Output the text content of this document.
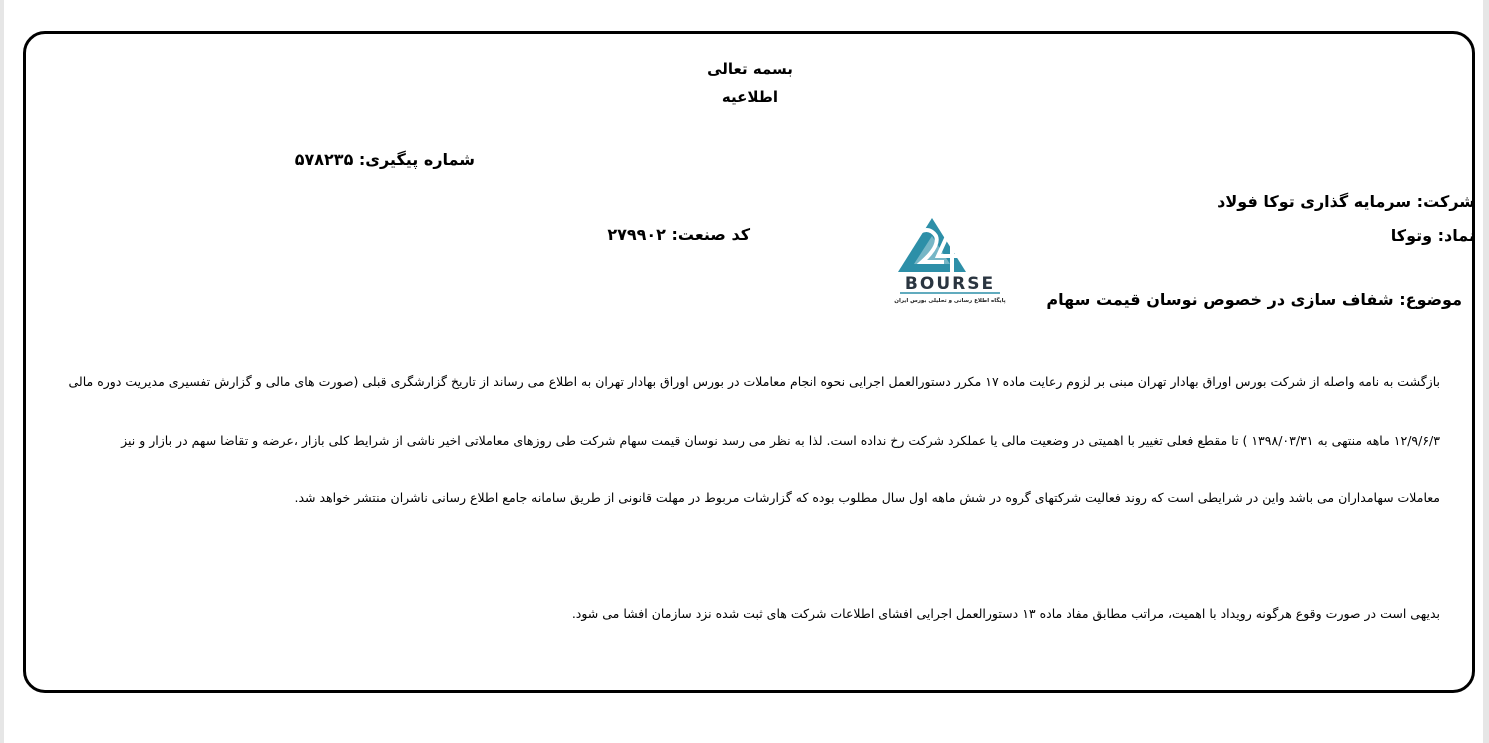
بسمه تعالی
اطلاعیه
شماره پیگیری: ۵۷۸۲۳۵
شرکت: سرمایه گذاری توکا فولاد
نماد: وتوکا
کد صنعت: ۲۷۹۹۰۲
موضوع: شفاف سازی در خصوص نوسان قیمت سهام
BOURSE
پایگاه اطلاع رسانی و تحلیلی بورس ایران
بازگشت به نامه واصله از شرکت بورس اوراق بهادار تهران مبنی بر لزوم رعایت ماده ۱۷ مکرر دستورالعمل اجرایی نحوه انجام معاملات در بورس اوراق بهادار تهران به اطلاع می رساند از تاریخ گزارشگری قبلی (صورت های مالی و گزارش تفسیری مدیریت دوره مالی
۱۲/۹/۶/۳ ماهه منتهی به ۱۳۹۸/۰۳/۳۱ ) تا مقطع فعلی تغییر با اهمیتی در وضعیت مالی یا عملکرد شرکت رخ نداده است. لذا به نظر می رسد نوسان قیمت سهام شرکت طی روزهای معاملاتی اخیر ناشی از شرایط کلی بازار ،عرضه و تقاضا سهم در بازار و نیز
معاملات سهامداران می باشد واین در شرایطی است که روند فعالیت شرکتهای گروه در شش ماهه اول سال مطلوب بوده که گزارشات مربوط در مهلت قانونی از طریق سامانه جامع اطلاع رسانی ناشران منتشر خواهد شد.
بدیهی است در صورت وقوع هرگونه رویداد با اهمیت، مراتب مطابق مفاد ماده ۱۳ دستورالعمل اجرایی افشای اطلاعات شرکت های ثبت شده نزد سازمان افشا می شود.
